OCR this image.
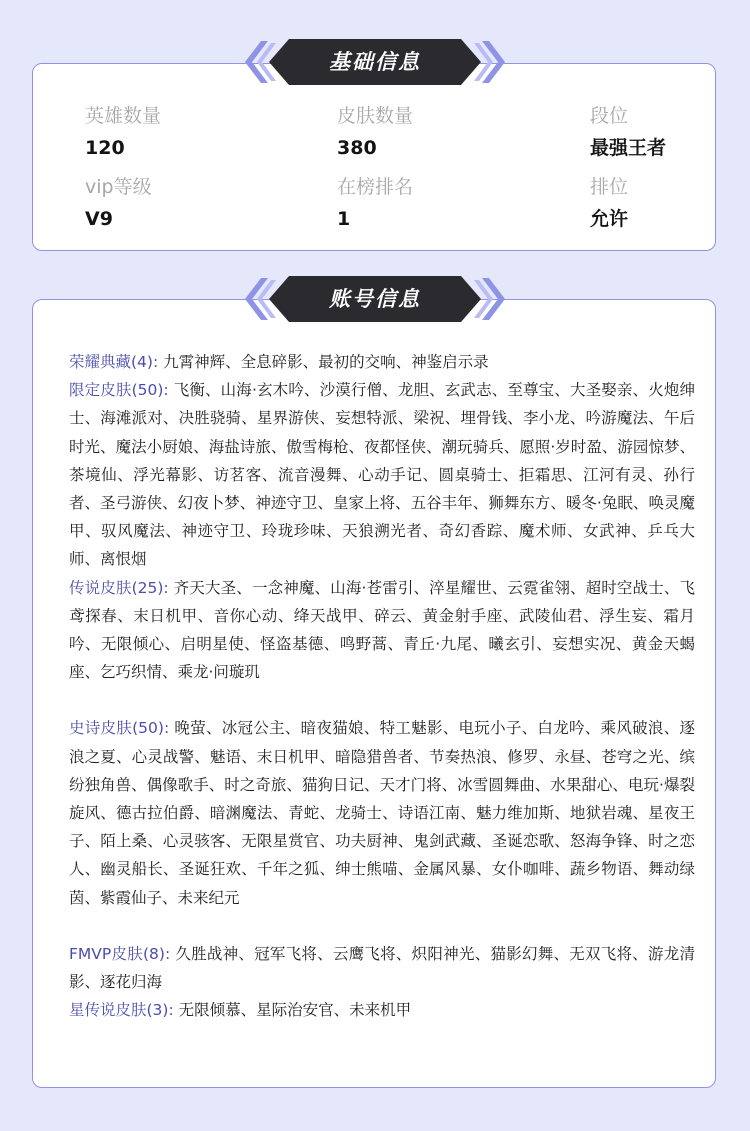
英雄数量
120
皮肤数量
380
段位
最强王者
vip等级
V9
在榜排名
1
排位
允许
基础信息

荣耀典藏(4): 九霄神辉、全息碎影、最初的交响、神鉴启示录

限定皮肤(50): 飞衡、山海·玄木吟、沙漠行僧、龙胆、玄武志、至尊宝、大圣娶亲、火炮绅士、海滩派对、决胜骁骑、星界游侠、妄想特派、梁祝、埋骨钱、李小龙、吟游魔法、午后时光、魔法小厨娘、海盐诗旅、傲雪梅枪、夜都怪侠、潮玩骑兵、愿照·岁时盈、游园惊梦、茶境仙、浮光幕影、访茗客、流音漫舞、心动手记、圆桌骑士、拒霜思、江河有灵、孙行者、圣弓游侠、幻夜卜梦、神迹守卫、皇家上将、五谷丰年、狮舞东方、暖冬·兔眠、唤灵魔甲、驭风魔法、神迹守卫、玲珑珍味、天狼溯光者、奇幻香踪、魔术师、女武神、乒乓大师、离恨烟

传说皮肤(25): 齐天大圣、一念神魔、山海·苍雷引、淬星耀世、云霓雀翎、超时空战士、飞鸢探春、末日机甲、音你心动、绛天战甲、碎云、黄金射手座、武陵仙君、浮生妄、霜月吟、无限倾心、启明星使、怪盗基德、鸣野蒿、青丘·九尾、曦玄引、妄想实况、黄金天蝎座、乞巧织情、乘龙·问璇玑

史诗皮肤(50): 晚萤、冰冠公主、暗夜猫娘、特工魅影、电玩小子、白龙吟、乘风破浪、逐浪之夏、心灵战警、魅语、末日机甲、暗隐猎兽者、节奏热浪、修罗、永昼、苍穹之光、缤纷独角兽、偶像歌手、时之奇旅、猫狗日记、天才门将、冰雪圆舞曲、水果甜心、电玩·爆裂旋风、德古拉伯爵、暗渊魔法、青蛇、龙骑士、诗语江南、魅力维加斯、地狱岩魂、星夜王子、陌上桑、心灵骇客、无限星赏官、功夫厨神、鬼剑武藏、圣诞恋歌、怒海争锋、时之恋人、幽灵船长、圣诞狂欢、千年之狐、绅士熊喵、金属风暴、女仆咖啡、蔬乡物语、舞动绿茵、紫霞仙子、未来纪元

FMVP皮肤(8): 久胜战神、冠军飞将、云鹰飞将、炽阳神光、猫影幻舞、无双飞将、游龙清影、逐花归海

星传说皮肤(3): 无限倾慕、星际治安官、未来机甲

账号信息
